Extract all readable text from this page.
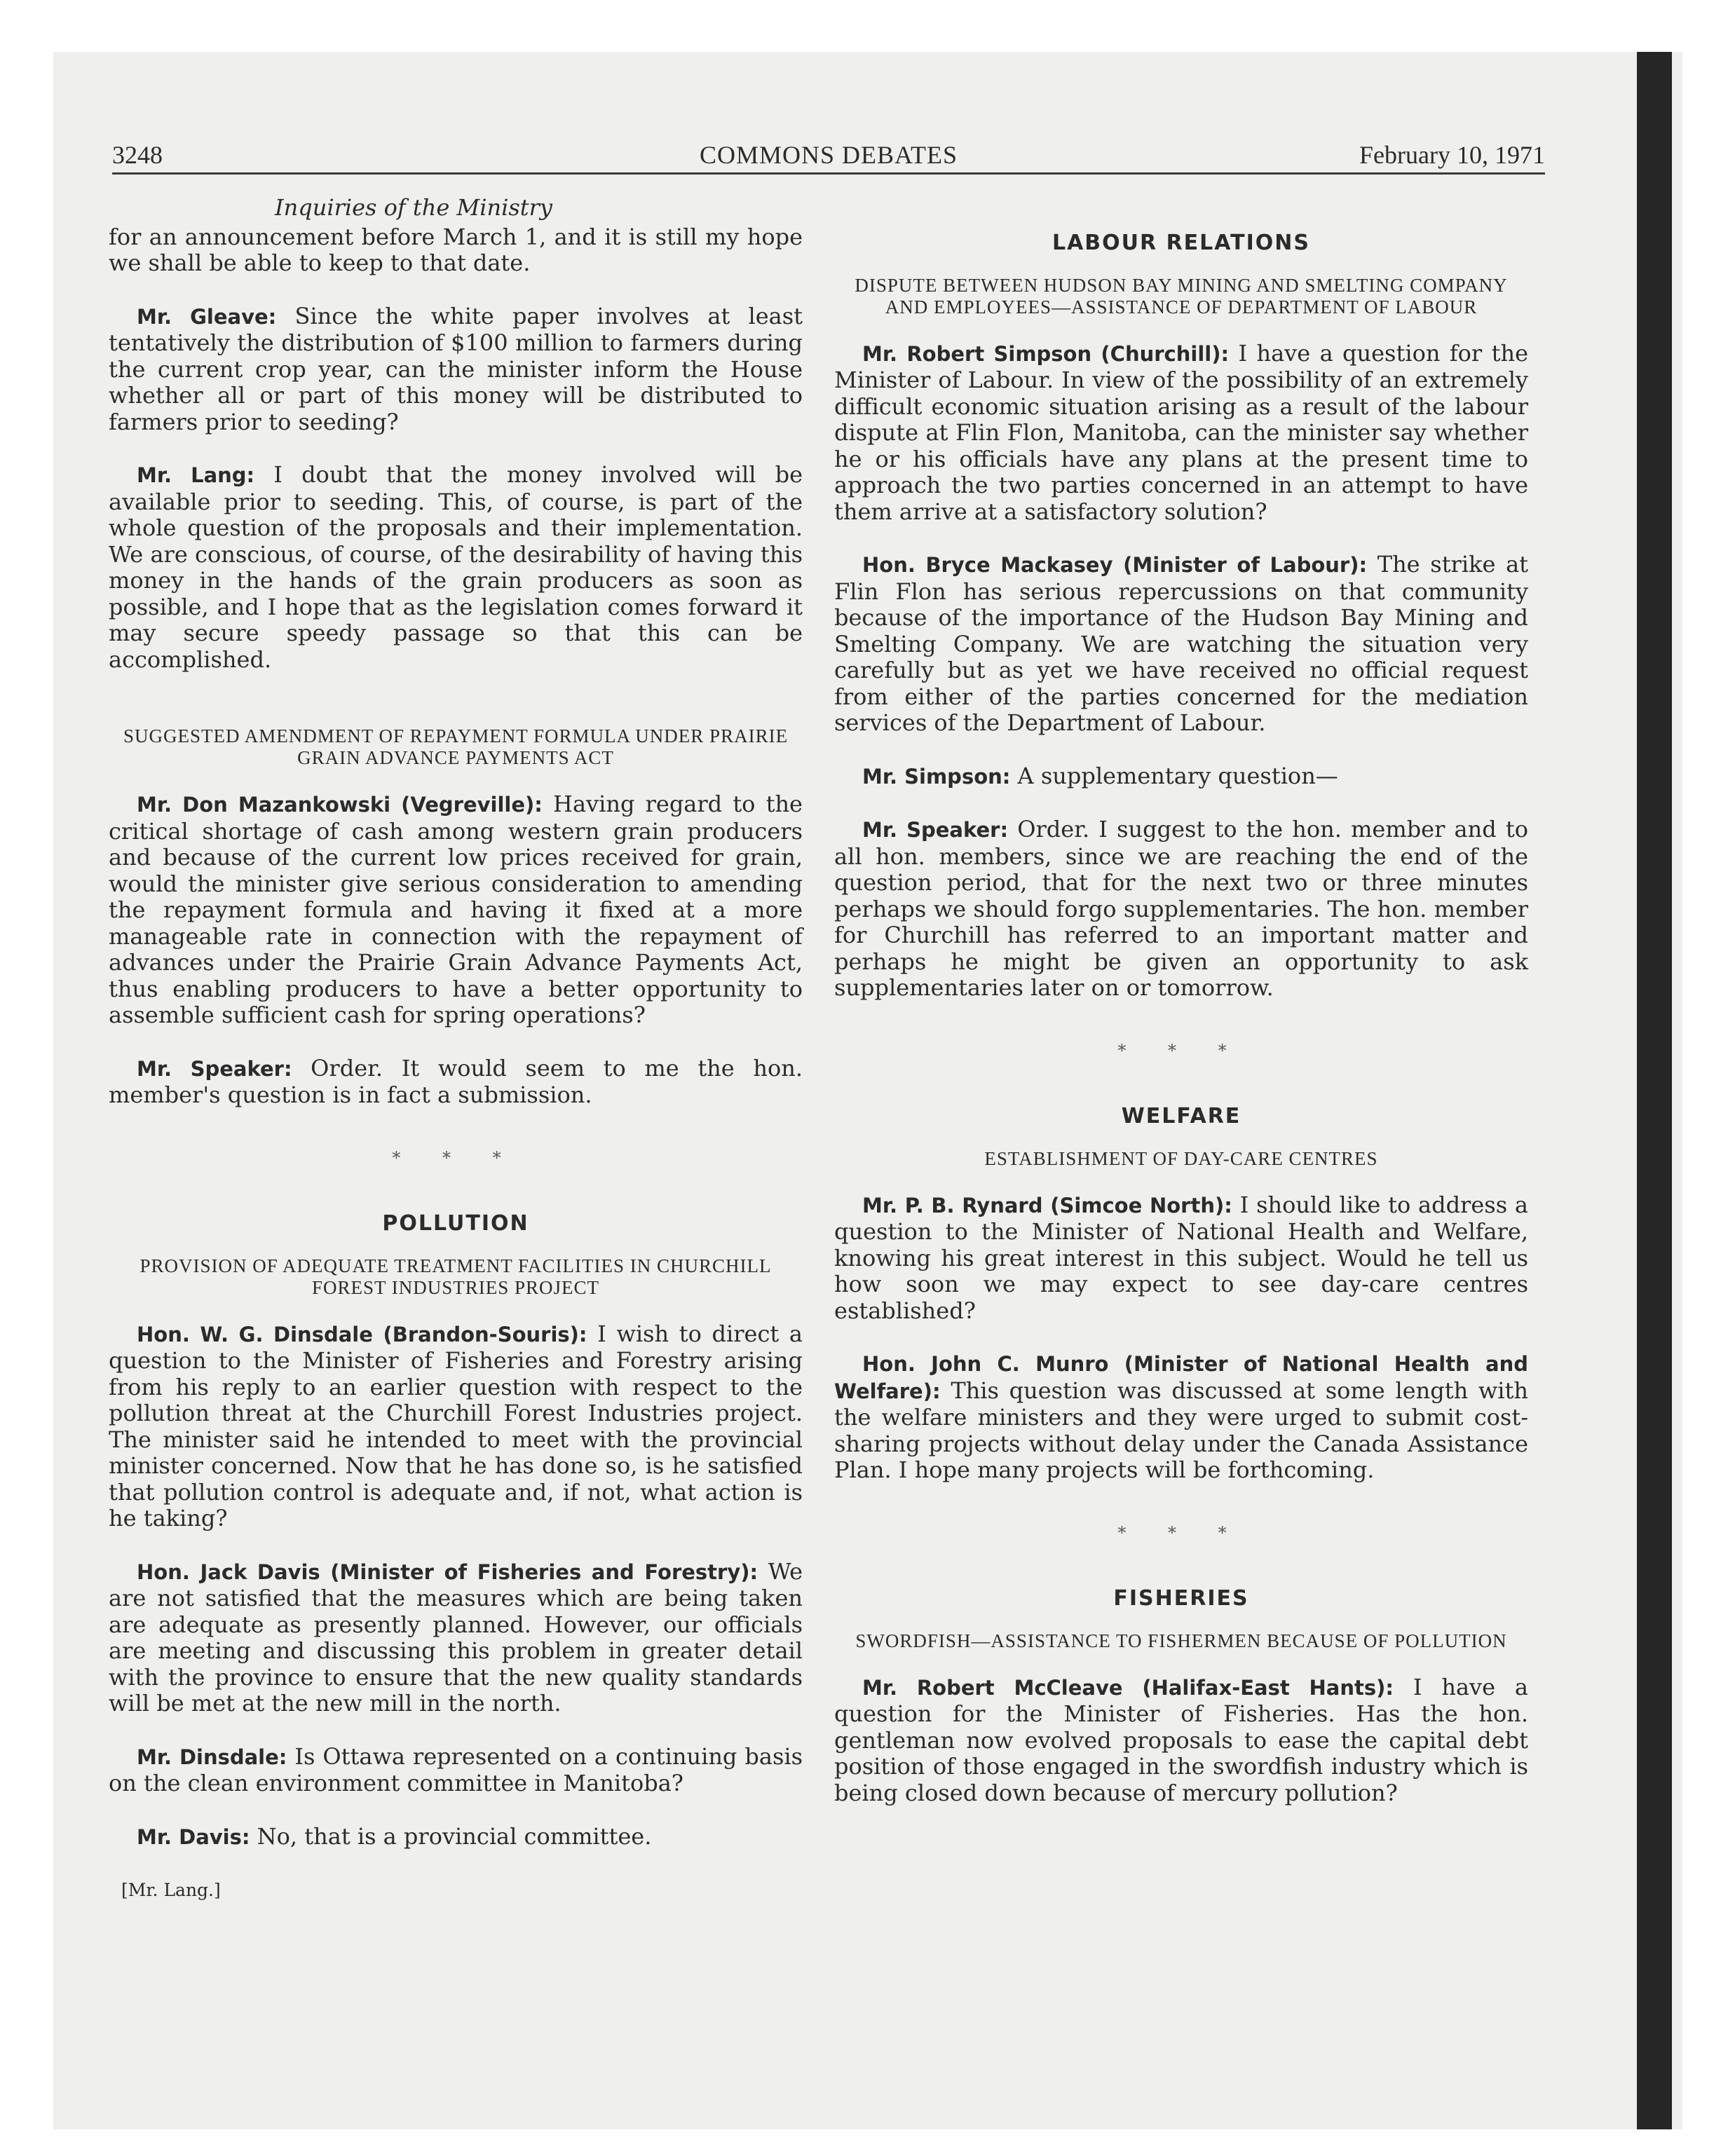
3248	COMMONS DEBATES	February 10, 1971
Inquiries of the Ministry

for an announcement before March 1, and it is still my hope we shall be able to keep to that date.

Mr. Gleave: Since the white paper involves at least tentatively the distribution of $100 million to farmers during the current crop year, can the minister inform the House whether all or part of this money will be distributed to farmers prior to seeding?

Mr. Lang: I doubt that the money involved will be available prior to seeding. This, of course, is part of the whole question of the proposals and their implementation. We are conscious, of course, of the desirability of having this money in the hands of the grain producers as soon as possible, and I hope that as the legislation comes forward it may secure speedy passage so that this can be accomplished.

SUGGESTED AMENDMENT OF REPAYMENT FORMULA UNDER PRAIRIE GRAIN ADVANCE PAYMENTS ACT

Mr. Don Mazankowski (Vegreville): Having regard to the critical shortage of cash among western grain producers and because of the current low prices received for grain, would the minister give serious consideration to amending the repayment formula and having it fixed at a more manageable rate in connection with the repayment of advances under the Prairie Grain Advance Payments Act, thus enabling producers to have a better opportunity to assemble sufficient cash for spring operations?

Mr. Speaker: Order. It would seem to me the hon. member's question is in fact a submission.

* * *
POLLUTION
PROVISION OF ADEQUATE TREATMENT FACILITIES IN CHURCHILL FOREST INDUSTRIES PROJECT

Hon. W. G. Dinsdale (Brandon-Souris): I wish to direct a question to the Minister of Fisheries and Forestry arising from his reply to an earlier question with respect to the pollution threat at the Churchill Forest Industries project. The minister said he intended to meet with the provincial minister concerned. Now that he has done so, is he satisfied that pollution control is adequate and, if not, what action is he taking?

Hon. Jack Davis (Minister of Fisheries and Forestry): We are not satisfied that the measures which are being taken are adequate as presently planned. However, our officials are meeting and discussing this problem in greater detail with the province to ensure that the new quality standards will be met at the new mill in the north.

Mr. Dinsdale: Is Ottawa represented on a continuing basis on the clean environment committee in Manitoba?

Mr. Davis: No, that is a provincial committee.

[Mr. Lang.]
LABOUR RELATIONS
DISPUTE BETWEEN HUDSON BAY MINING AND SMELTING COMPANY AND EMPLOYEES—ASSISTANCE OF DEPARTMENT OF LABOUR

Mr. Robert Simpson (Churchill): I have a question for the Minister of Labour. In view of the possibility of an extremely difficult economic situation arising as a result of the labour dispute at Flin Flon, Manitoba, can the minister say whether he or his officials have any plans at the present time to approach the two parties concerned in an attempt to have them arrive at a satisfactory solution?

Hon. Bryce Mackasey (Minister of Labour): The strike at Flin Flon has serious repercussions on that community because of the importance of the Hudson Bay Mining and Smelting Company. We are watching the situation very carefully but as yet we have received no official request from either of the parties concerned for the mediation services of the Department of Labour.

Mr. Simpson: A supplementary question—

Mr. Speaker: Order. I suggest to the hon. member and to all hon. members, since we are reaching the end of the question period, that for the next two or three minutes perhaps we should forgo supplementaries. The hon. member for Churchill has referred to an important matter and perhaps he might be given an opportunity to ask supplementaries later on or tomorrow.

* * *
WELFARE
ESTABLISHMENT OF DAY-CARE CENTRES

Mr. P. B. Rynard (Simcoe North): I should like to address a question to the Minister of National Health and Welfare, knowing his great interest in this subject. Would he tell us how soon we may expect to see day-care centres established?

Hon. John C. Munro (Minister of National Health and Welfare): This question was discussed at some length with the welfare ministers and they were urged to submit cost-sharing projects without delay under the Canada Assistance Plan. I hope many projects will be forthcoming.

* * *
FISHERIES
SWORDFISH—ASSISTANCE TO FISHERMEN BECAUSE OF POLLUTION

Mr. Robert McCleave (Halifax-East Hants): I have a question for the Minister of Fisheries. Has the hon. gentleman now evolved proposals to ease the capital debt position of those engaged in the swordfish industry which is being closed down because of mercury pollution?
